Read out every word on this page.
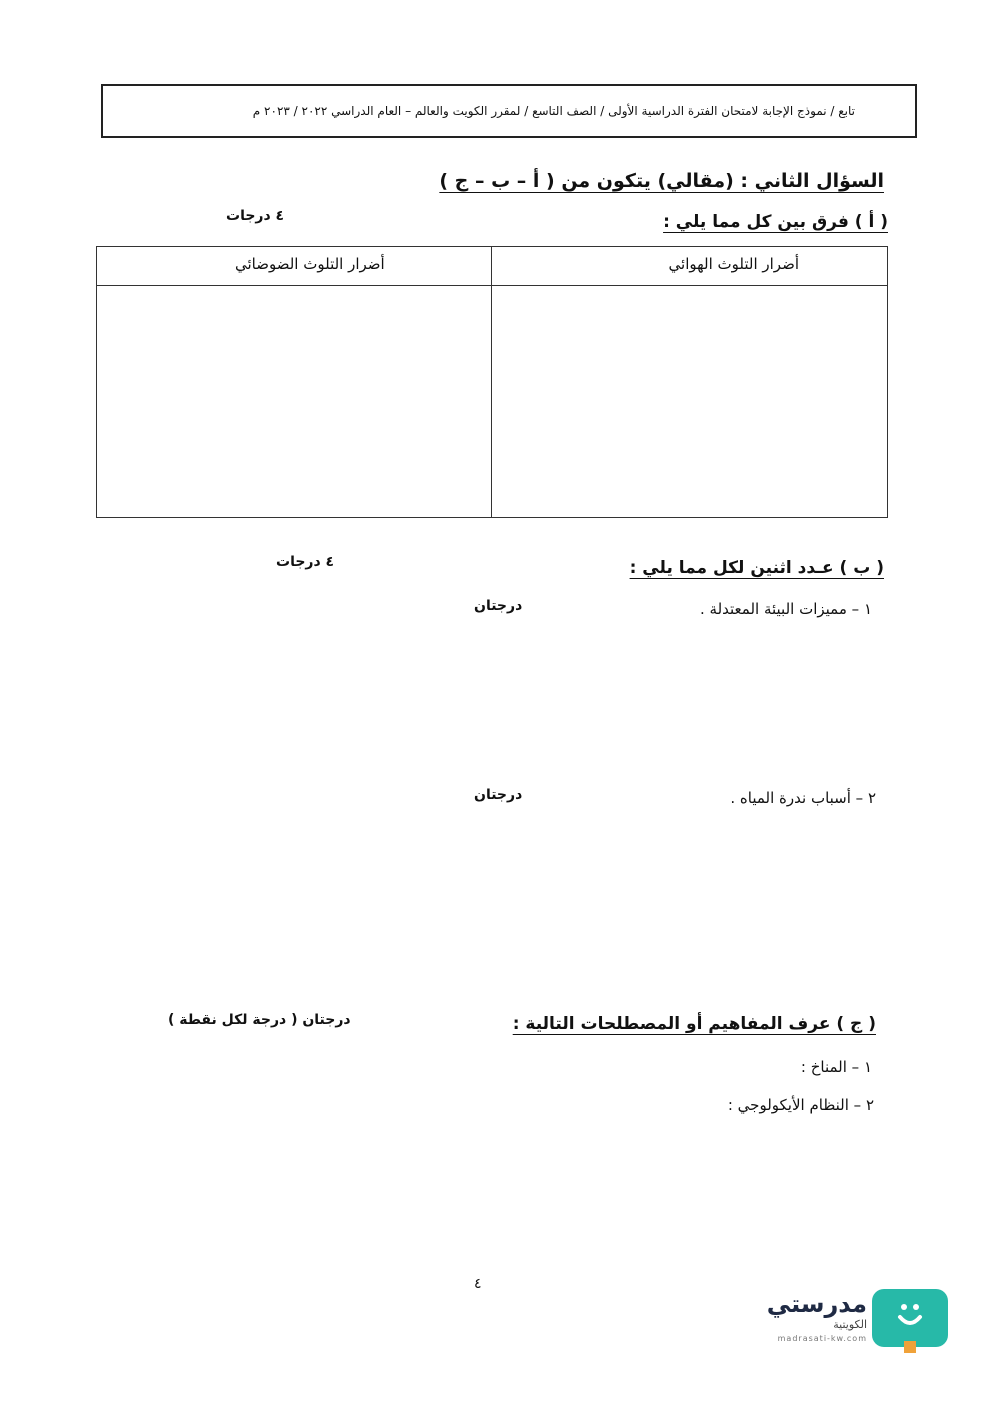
تابع / نموذج الإجابة لامتحان الفترة الدراسية الأولى / الصف التاسع / لمقرر الكويت والعالم – العام الدراسي ٢٠٢٢ / ٢٠٢٣ م
السؤال الثاني : (مقالي) يتكون من ( أ – ب – ج )
( أ ) فرق بين كل مما يلي :
٤ درجات
أضرار التلوث الهوائي
أضرار التلوث الضوضائي
( ب ) عـدد اثنين لكل مما يلي :
٤ درجات
١ – مميزات البيئة المعتدلة .
درجتان
٢ – أسباب ندرة المياه .
درجتان
( ج ) عرف المفاهيم أو المصطلحات التالية :
درجتان ( درجة لكل نقطة )
١ – المناخ :
٢ – النظام الأيكولوجي :
٤
مدرستي
الكويتية
madrasati-kw.com
